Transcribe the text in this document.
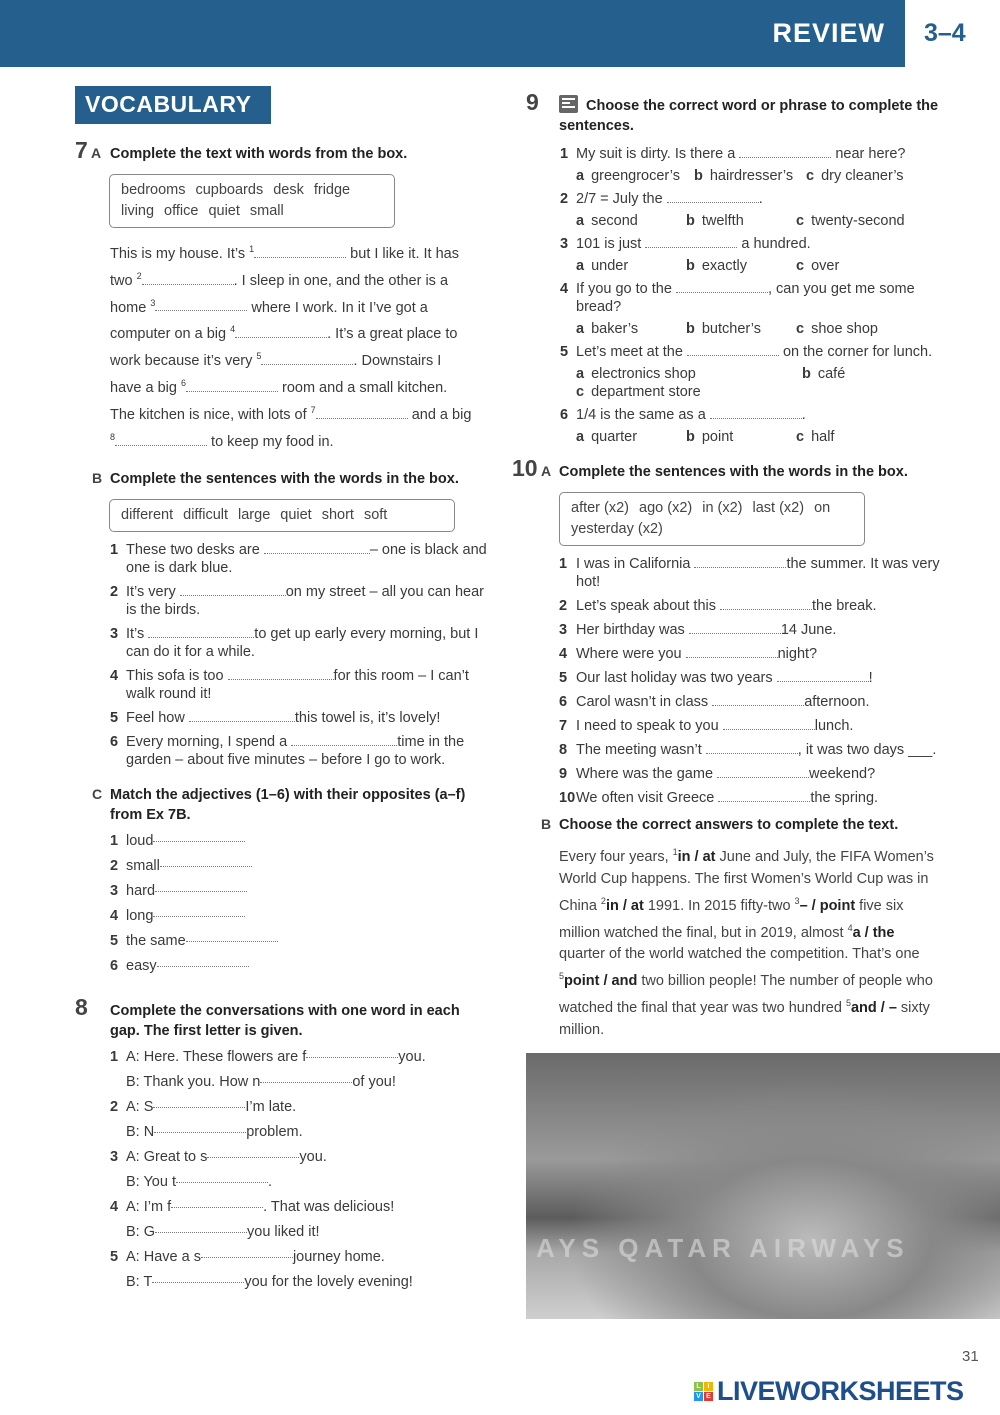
REVIEW 3–4
VOCABULARY
7 A Complete the text with words from the box.
bedrooms cupboards desk fridge
living office quiet small
This is my house. It’s $^1$	but I like it. It has two $^2$	. I sleep in one, and the other is a home $^3$	where I work. In it I’ve got a computer on a big $^4$	. It’s a great place to work because it’s very $^5$	. Downstairs I have a big $^6$	room and a small kitchen. The kitchen is nice, with lots of $^7$	and a big $^8$	to keep my food in.
B Complete the sentences with the words in the box.
different difficult large quiet short soft
1 These two desks are	– one is black and one is dark blue.
2 It’s very	on my street – all you can hear is the birds.
3 It’s	to get up early every morning, but I can do it for a while.
4 This sofa is too	for this room – I can’t walk round it!
5 Feel how	this towel is, it’s lovely!
6 Every morning, I spend a	time in the garden – about five minutes – before I go to work.
C Match the adjectives (1–6) with their opposites (a–f) from Ex 7B.
1 loud
2 small
3 hard
4 long
5 the same
6 easy
8	Complete the conversations with one word in each gap. The first letter is given.
1 A: Here. These flowers are f	you.
B: Thank you. How n	of you!
2 A: S	I’m late.
B: N	problem.
3 A: Great to s	you.
B: You t	.
4 A: I’m f	. That was delicious!
B: G	you liked it!
5 A: Have a s	journey home.
B: T	you for the lovely evening!
9	Choose the correct word or phrase to complete the sentences.
1 My suit is dirty. Is there a	near here?
a greengrocer’s b hairdresser’s c dry cleaner’s
2 2/7 = July the	.
a second	b twelfth	c twenty-second
3 101 is just	a hundred.
a under	b exactly	c over
4 If you go to the	, can you get me some bread?
a baker’s	b butcher’s	c shoe shop
5 Let’s meet at the	on the corner for lunch.
a electronics shop	b café
c department store
6 1/4 is the same as a	.
a quarter	b point	c half
10 A Complete the sentences with the words in the box.
after (x2) ago (x2) in (x2) last (x2) on
yesterday (x2)
1 I was in California	the summer. It was very hot!
2 Let’s speak about this	the break.
3 Her birthday was	14 June.
4 Where were you	night?
5 Our last holiday was two years	!
6 Carol wasn’t in class	afternoon.
7 I need to speak to you	lunch.
8 The meeting wasn’t	, it was two days ___.
9 Where was the game	weekend?
10 We often visit Greece	the spring.
B Choose the correct answers to complete the text.
Every four years, $^1$in / at June and July, the FIFA Women’s World Cup happens. The first Women’s World Cup was in China $^2$in / at 1991. In 2015 fifty-two $^3$– / point five six million watched the final, but in 2019, almost $^4$a / the quarter of the world watched the competition. That’s one $^5$point / and two billion people! The number of people who watched the final that year was two hundred $^5$and / – sixty million.
AYS QATAR AIRWAYS
31
L I
V E LIVEWORKSHEETS
